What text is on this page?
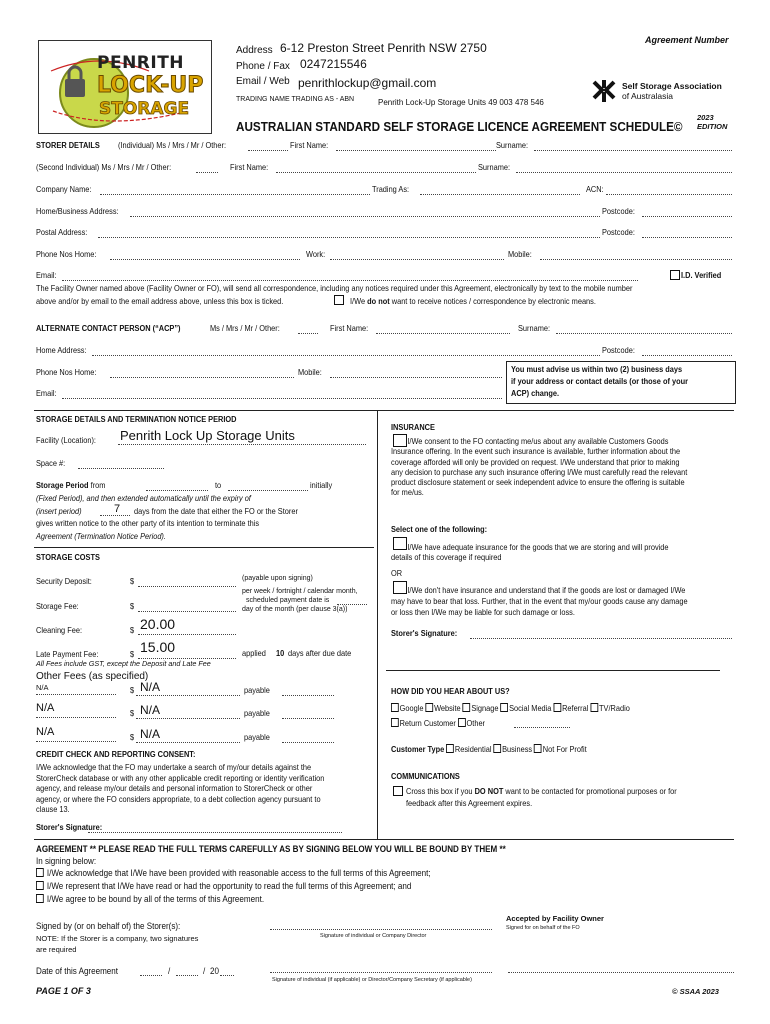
PENRITH
LOCK-UP
STORAGE
Agreement Number
Address 6-12 Preston Street Penrith NSW 2750
Phone / Fax 0247215546
Email / Web penrithlockup@gmail.com
TRADING NAME TRADING AS - ABN	Penrith Lock-Up Storage Units 49 003 478 546
Self Storage Association
of Australasia
AUSTRALIAN STANDARD SELF STORAGE LICENCE AGREEMENT SCHEDULE©
2023
EDITION
STORER DETAILS (Individual) Ms / Mrs / Mr / Other:	First Name:	Surname:
(Second Individual) Ms / Mrs / Mr / Other:	First Name:	Surname:
Company Name:	Trading As:	ACN:
Home/Business Address:	Postcode:
Postal Address:	Postcode:
Phone Nos Home:	Work:	Mobile:
Email:	I.D. Verified
The Facility Owner named above (Facility Owner or FO), will send all correspondence, including any notices required under this Agreement, electronically by text to the mobile number
above and/or by email to the email address above, unless this box is ticked.	I/We do not want to receive notices / correspondence by electronic means.
ALTERNATE CONTACT PERSON (“ACP”)	Ms / Mrs / Mr / Other:	First Name:	Surname:
Home Address:	Postcode:
Phone Nos Home:	Mobile:
Email:
You must advise us within two (2) business days
if your address or contact details (or those of your
ACP) change.
STORAGE DETAILS AND TERMINATION NOTICE PERIOD
Facility (Location): Penrith Lock Up Storage Units
Space #:
Storage Period from	to	initially
(Fixed Period), and then extended automatically until the expiry of
(insert period)	7 days from the date that either the FO or the Storer
gives written notice to the other party of its intention to terminate this
Agreement (Termination Notice Period).
STORAGE COSTS
Security Deposit:	$	(payable upon signing)
Storage Fee:	$
per week / fortnight / calendar month,
scheduled payment date is
day of the month (per clause 3(a))
Cleaning Fee:	$ 20.00
Late Payment Fee:	$ 15.00	applied 10 days after due date
All Fees include GST, except the Deposit and Late Fee
Other Fees (as specified)
N/A	$ N/A	payable
N/A	$ N/A	payable
N/A	$ N/A	payable
CREDIT CHECK AND REPORTING CONSENT:
I/We acknowledge that the FO may undertake a search of my/our details against the
StorerCheck database or with any other applicable credit reporting or identity verification
agency, and release my/our details and personal information to StorerCheck or other
agency, or where the FO considers appropriate, to a debt collection agency pursuant to
clause 13.
Storer's Signature:
INSURANCE
I/We consent to the FO contacting me/us about any available Customers Goods
Insurance offering. In the event such insurance is available, further information about the
coverage afforded will only be provided on request. I/We understand that prior to making
any decision to purchase any such insurance offering I/We must carefully read the relevant
product disclosure statement or seek independent advice to ensure the offering is suitable
for me/us.
Select one of the following:
I/We have adequate insurance for the goods that we are storing and will provide
details of this coverage if required
OR
I/We don't have insurance and understand that if the goods are lost or damaged I/We
may have to bear that loss. Further, that in the event that my/our goods cause any damage
or loss then I/We may be liable for such damage or loss.
Storer's Signature:
HOW DID YOU HEAR ABOUT US?
Google Website Signage Social Media Referral TV/Radio
Return Customer Other
Customer Type Residential Business Not For Profit
COMMUNICATIONS
Cross this box if you DO NOT want to be contacted for promotional purposes or for
feedback after this Agreement expires.
AGREEMENT ** PLEASE READ THE FULL TERMS CAREFULLY AS BY SIGNING BELOW YOU WILL BE BOUND BY THEM **
In signing below:
I/We acknowledge that I/We have been provided with reasonable access to the full terms of this Agreement;
I/We represent that I/We have read or had the opportunity to read the full terms of this Agreement; and
I/We agree to be bound by all of the terms of this Agreement.
Signed by (or on behalf of) the Storer(s):
NOTE: If the Storer is a company, two signatures
are required
Signature of individual or Company Director
Accepted by Facility Owner
Signed for on behalf of the FO
Date of this Agreement	/	/ 20
Signature of individual (if applicable) or Director/Company Secretary (if applicable)
PAGE 1 OF 3	© SSAA 2023
